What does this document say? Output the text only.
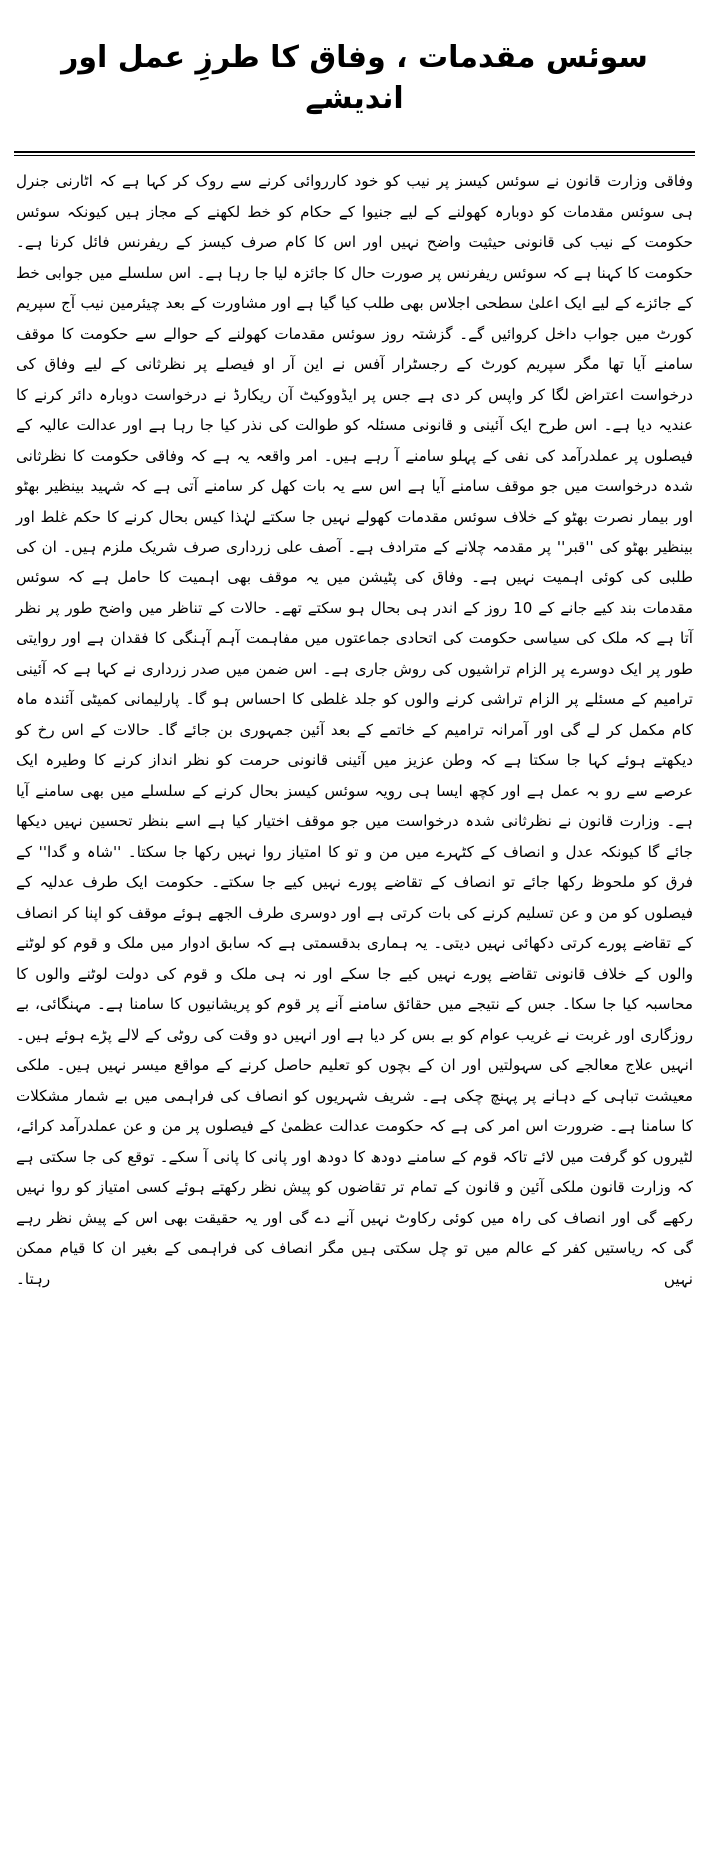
سوئس مقدمات ، وفاق کا طرزِ عمل اور اندیشے

وفاقی وزارت قانون نے سوئس کیسز پر نیب کو خود کارروائی کرنے سے روک کر کہا ہے کہ اٹارنی جنرل ہی سوئس مقدمات کو دوبارہ کھولنے کے لیے جنیوا کے حکام کو خط لکھنے کے مجاز ہیں کیونکہ سوئس حکومت کے نیب کی قانونی حیثیت واضح نہیں اور اس کا کام صرف کیسز کے ریفرنس فائل کرنا ہے۔ حکومت کا کہنا ہے کہ سوئس ریفرنس پر صورت حال کا جائزہ لیا جا رہا ہے۔ اس سلسلے میں جوابی خط کے جائزے کے لیے ایک اعلیٰ سطحی اجلاس بھی طلب کیا گیا ہے اور مشاورت کے بعد چیئرمین نیب آج سپریم کورٹ میں جواب داخل کروائیں گے۔ گزشتہ روز سوئس مقدمات کھولنے کے حوالے سے حکومت کا موقف سامنے آیا تھا مگر سپریم کورٹ کے رجسٹرار آفس نے این آر او فیصلے پر نظرثانی کے لیے وفاق کی درخواست اعتراض لگا کر واپس کر دی ہے جس پر ایڈووکیٹ آن ریکارڈ نے درخواست دوبارہ دائر کرنے کا عندیہ دیا ہے۔ اس طرح ایک آئینی و قانونی مسئلہ کو طوالت کی نذر کیا جا رہا ہے اور عدالت عالیہ کے فیصلوں پر عملدرآمد کی نفی کے پہلو سامنے آ رہے ہیں۔ امر واقعہ یہ ہے کہ وفاقی حکومت کا نظرثانی شدہ درخواست میں جو موقف سامنے آیا ہے اس سے یہ بات کھل کر سامنے آتی ہے کہ شہید بینظیر بھٹو اور بیمار نصرت بھٹو کے خلاف سوئس مقدمات کھولے نہیں جا سکتے لہٰذا کیس بحال کرنے کا حکم غلط اور بینظیر بھٹو کی ''قبر'' پر مقدمہ چلانے کے مترادف ہے۔ آصف علی زرداری صرف شریک ملزم ہیں۔ ان کی طلبی کی کوئی اہمیت نہیں ہے۔ وفاق کی پٹیشن میں یہ موقف بھی اہمیت کا حامل ہے کہ سوئس مقدمات بند کیے جانے کے 10 روز کے اندر ہی بحال ہو سکتے تھے۔ حالات کے تناظر میں واضح طور پر نظر آتا ہے کہ ملک کی سیاسی حکومت کی اتحادی جماعتوں میں مفاہمت آہم آہنگی کا فقدان ہے اور روایتی طور پر ایک دوسرے پر الزام تراشیوں کی روش جاری ہے۔ اس ضمن میں صدر زرداری نے کہا ہے کہ آئینی ترامیم کے مسئلے پر الزام تراشی کرنے والوں کو جلد غلطی کا احساس ہو گا۔ پارلیمانی کمیٹی آئندہ ماہ کام مکمل کر لے گی اور آمرانہ ترامیم کے خاتمے کے بعد آئین جمہوری بن جائے گا۔ حالات کے اس رخ کو دیکھتے ہوئے کہا جا سکتا ہے کہ وطن عزیز میں آئینی قانونی حرمت کو نظر انداز کرنے کا وطیرہ ایک عرصے سے رو بہ عمل ہے اور کچھ ایسا ہی رویہ سوئس کیسز بحال کرنے کے سلسلے میں بھی سامنے آیا ہے۔ وزارت قانون نے نظرثانی شدہ درخواست میں جو موقف اختیار کیا ہے اسے بنظر تحسین نہیں دیکھا جائے گا کیونکہ عدل و انصاف کے کٹہرے میں من و تو کا امتیاز روا نہیں رکھا جا سکتا۔ ''شاہ و گدا'' کے فرق کو ملحوظ رکھا جائے تو انصاف کے تقاضے پورے نہیں کیے جا سکتے۔ حکومت ایک طرف عدلیہ کے فیصلوں کو من و عن تسلیم کرنے کی بات کرتی ہے اور دوسری طرف الجھے ہوئے موقف کو اپنا کر انصاف کے تقاضے پورے کرتی دکھائی نہیں دیتی۔ یہ ہماری بدقسمتی ہے کہ سابق ادوار میں ملک و قوم کو لوٹنے والوں کے خلاف قانونی تقاضے پورے نہیں کیے جا سکے اور نہ ہی ملک و قوم کی دولت لوٹنے والوں کا محاسبہ کیا جا سکا۔ جس کے نتیجے میں حقائق سامنے آنے پر قوم کو پریشانیوں کا سامنا ہے۔ مہنگائی، بے روزگاری اور غربت نے غریب عوام کو بے بس کر دیا ہے اور انہیں دو وقت کی روٹی کے لالے پڑے ہوئے ہیں۔ انہیں علاج معالجے کی سہولتیں اور ان کے بچوں کو تعلیم حاصل کرنے کے مواقع میسر نہیں ہیں۔ ملکی معیشت تباہی کے دہانے پر پہنچ چکی ہے۔ شریف شہریوں کو انصاف کی فراہمی میں بے شمار مشکلات کا سامنا ہے۔ ضرورت اس امر کی ہے کہ حکومت عدالت عظمیٰ کے فیصلوں پر من و عن عملدرآمد کرائے، لٹیروں کو گرفت میں لائے تاکہ قوم کے سامنے دودھ کا دودھ اور پانی کا پانی آ سکے۔ توقع کی جا سکتی ہے کہ وزارت قانون ملکی آئین و قانون کے تمام تر تقاضوں کو پیش نظر رکھتے ہوئے کسی امتیاز کو روا نہیں رکھے گی اور انصاف کی راہ میں کوئی رکاوٹ نہیں آنے دے گی اور یہ حقیقت بھی اس کے پیش نظر رہے گی کہ ریاستیں کفر کے عالم میں تو چل سکتی ہیں مگر انصاف کی فراہمی کے بغیر ان کا قیام ممکن نہیں رہتا۔
